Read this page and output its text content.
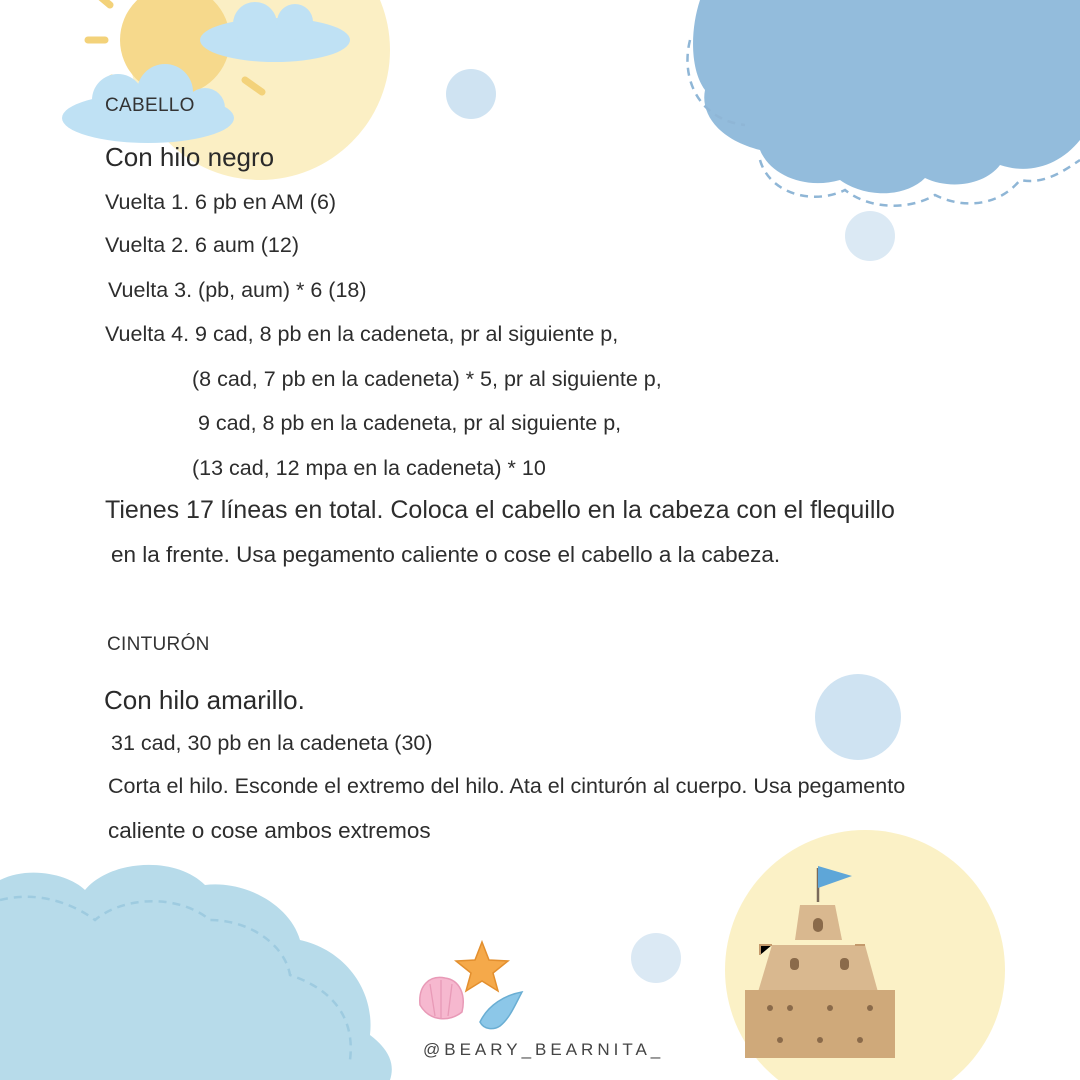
CABELLO
Con hilo negro
Vuelta 1. 6 pb en AM (6)
Vuelta 2. 6 aum (12)
Vuelta 3. (pb, aum) * 6 (18)
Vuelta 4. 9 cad, 8 pb en la cadeneta, pr al siguiente p,
(8 cad, 7 pb en la cadeneta) * 5, pr al siguiente p,
9 cad, 8 pb en la cadeneta, pr al siguiente p,
(13 cad, 12 mpa en la cadeneta) * 10
Tienes 17 líneas en total. Coloca el cabello en la cabeza con el flequillo
en la frente. Usa pegamento caliente o cose el cabello a la cabeza.
CINTURÓN
Con hilo amarillo.
31 cad, 30 pb en la cadeneta (30)
Corta el hilo. Esconde el extremo del hilo. Ata el cinturón al cuerpo. Usa pegamento
caliente o cose ambos extremos
@BEARY_BEARNITA_
